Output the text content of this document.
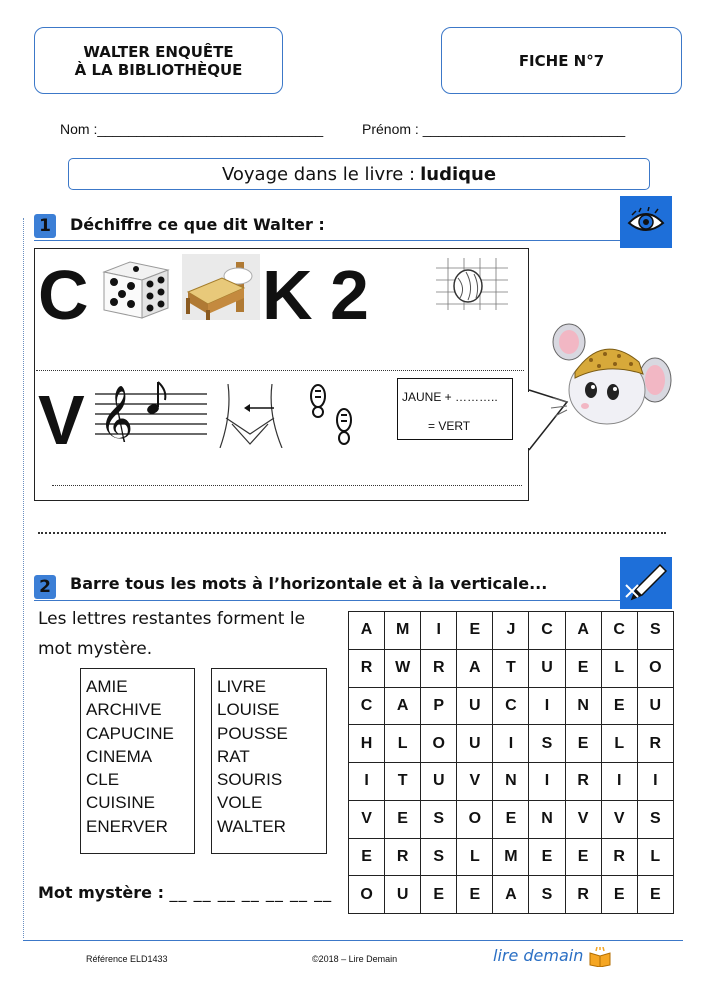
WALTER ENQUÊTE
À LA BIBLIOTHÈQUE	FICHE N°7
Nom :_____________________________	Prénom : __________________________
Voyage dans le livre : ludique
1	Déchiffre ce que dit Walter :
C K 2
V 𝄞	JAUNE + ………..
= VERT
2	Barre tous les mots à l’horizontale et à la verticale...
Les lettres restantes forment le mot mystère.
AMIE
ARCHIVE
CAPUCINE
CINEMA
CLE
CUISINE
ENERVER
LIVRE
LOUISE
POUSSE
RAT
SOURIS
VOLE
WALTER
Mot mystère : __ __ __ __ __ __ __
A	M	I	E	J	C	A	C	S
R	W	R	A	T	U	E	L	O
C	A	P	U	C	I	N	E	U
H	L	O	U	I	S	E	L	R
I	T	U	V	N	I	R	I	I
V	E	S	O	E	N	V	V	S
E	R	S	L	M	E	E	R	L
O	U	E	E	A	S	R	E	E
Référence ELD1433	©2018 – Lire Demain	lire demain
